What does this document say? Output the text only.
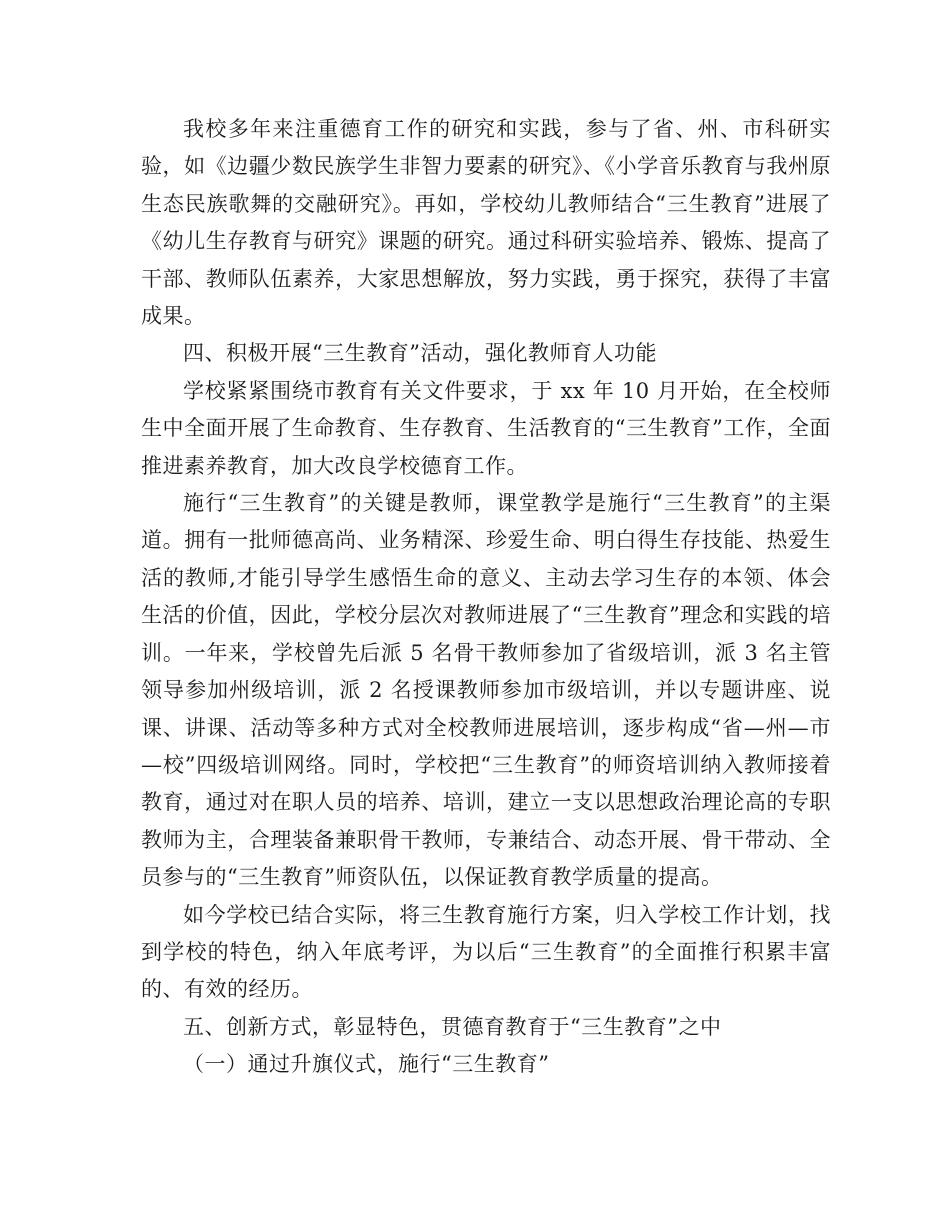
我校多年来注重德育工作的研究和实践，参与了省、州、市科研实验，如《边疆少数民族学生非智力要素的研究》、《小学音乐教育与我州原生态民族歌舞的交融研究》。再如，学校幼儿教师结合“三生教育”进展了《幼儿生存教育与研究》课题的研究。通过科研实验培养、锻炼、提高了干部、教师队伍素养，大家思想解放，努力实践，勇于探究，获得了丰富成果。

四、积极开展“三生教育”活动，强化教师育人功能

学校紧紧围绕市教育有关文件要求，于 xx 年 10 月开始，在全校师生中全面开展了生命教育、生存教育、生活教育的“三生教育”工作，全面推进素养教育，加大改良学校德育工作。

施行“三生教育”的关键是教师，课堂教学是施行“三生教育”的主渠道。拥有一批师德高尚、业务精深、珍爱生命、明白得生存技能、热爱生活的教师,才能引导学生感悟生命的意义、主动去学习生存的本领、体会生活的价值，因此，学校分层次对教师进展了“三生教育”理念和实践的培训。一年来，学校曾先后派 5 名骨干教师参加了省级培训，派 3 名主管领导参加州级培训，派 2 名授课教师参加市级培训，并以专题讲座、说课、讲课、活动等多种方式对全校教师进展培训，逐步构成“省—州—市—校”四级培训网络。同时，学校把“三生教育”的师资培训纳入教师接着教育，通过对在职人员的培养、培训，建立一支以思想政治理论高的专职教师为主，合理装备兼职骨干教师，专兼结合、动态开展、骨干带动、全员参与的“三生教育”师资队伍，以保证教育教学质量的提高。

如今学校已结合实际，将三生教育施行方案，归入学校工作计划，找到学校的特色，纳入年底考评，为以后“三生教育”的全面推行积累丰富的、有效的经历。

五、创新方式，彰显特色，贯德育教育于“三生教育”之中

（一）通过升旗仪式，施行“三生教育”
